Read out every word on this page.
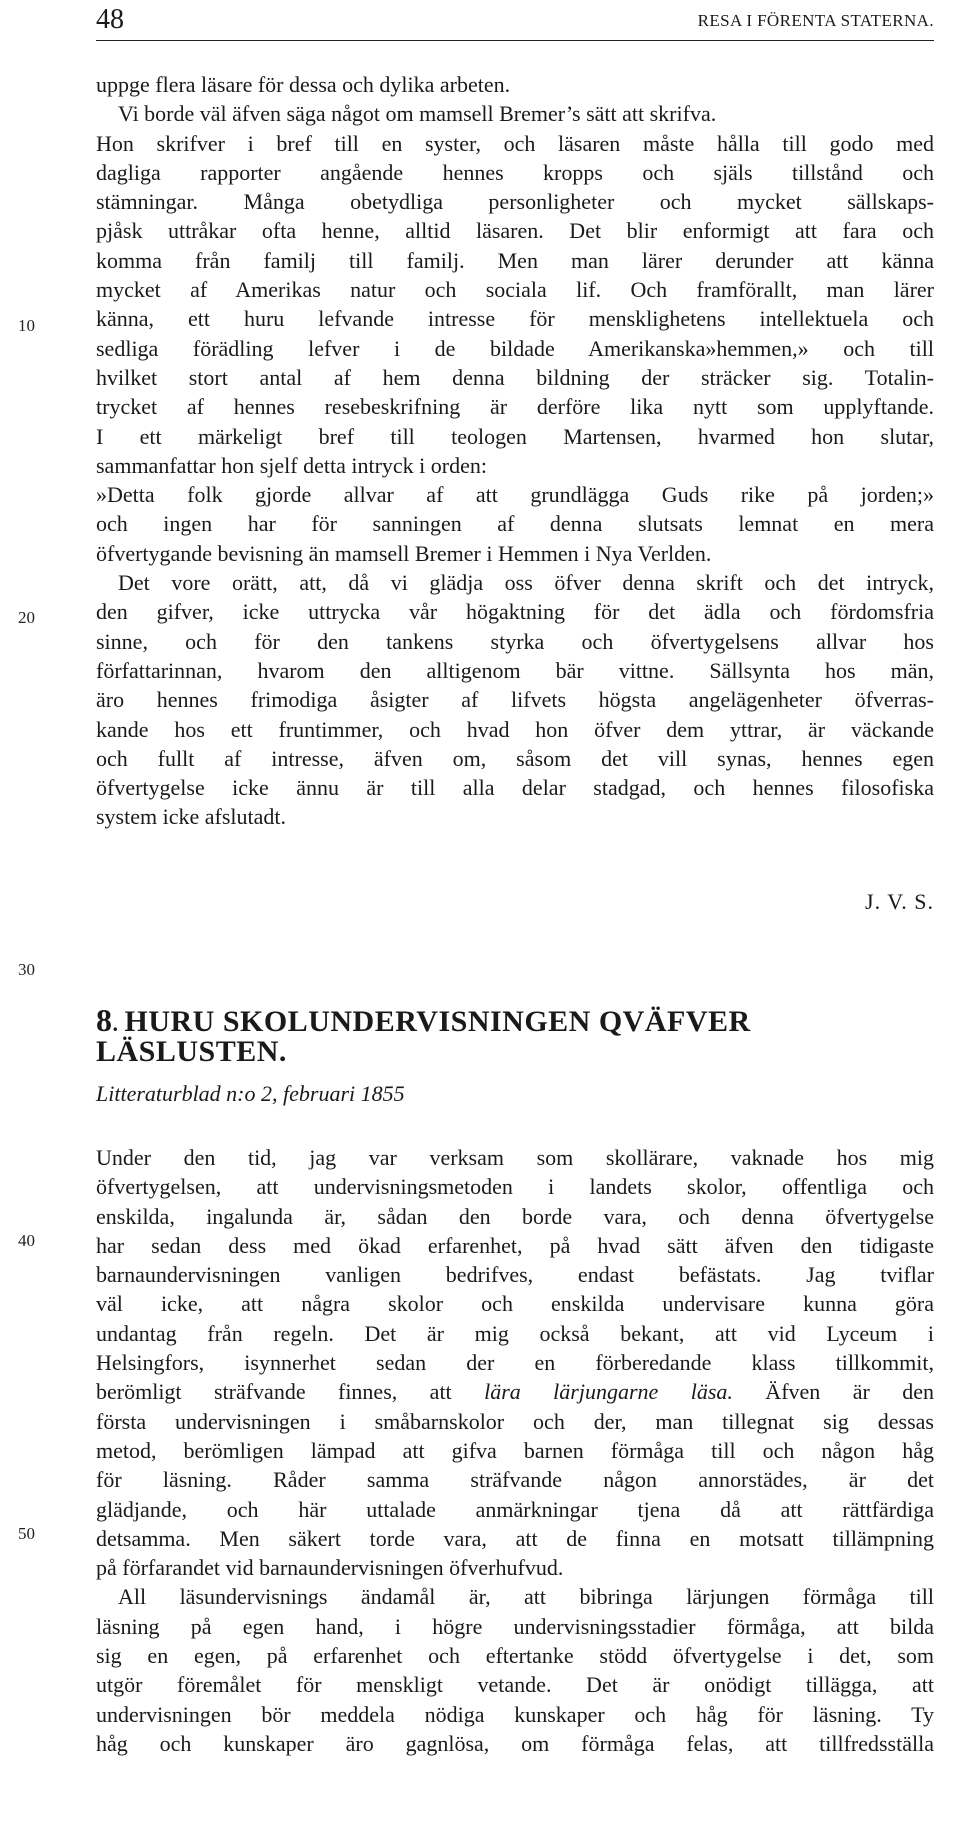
48	RESA I FÖRENTA STATERNA.
10
20
30
40
50
uppge flera läsare för dessa och dylika arbeten.
Vi borde väl äfven säga något om mamsell Bremer’s sätt att skrifva.
Hon skrifver i bref till en syster, och läsaren måste hålla till godo med
dagliga rapporter angående hennes kropps och själs tillstånd och
stämningar. Många obetydliga personligheter och mycket sällskaps-
pjåsk uttråkar ofta henne, alltid läsaren. Det blir enformigt att fara och
komma från familj till familj. Men man lärer derunder att känna
mycket af Amerikas natur och sociala lif. Och framförallt, man lärer
känna, ett huru lefvande intresse för mensklighetens intellektuela och
sedliga förädling lefver i de bildade Amerikanska»hemmen,» och till
hvilket stort antal af hem denna bildning der sträcker sig. Totalin-
trycket af hennes resebeskrifning är derföre lika nytt som upplyftande.
I ett märkeligt bref till teologen Martensen, hvarmed hon slutar,
sammanfattar hon sjelf detta intryck i orden:
»Detta folk gjorde allvar af att grundlägga Guds rike på jorden;»
och ingen har för sanningen af denna slutsats lemnat en mera
öfvertygande bevisning än mamsell Bremer i Hemmen i Nya Verlden.
Det vore orätt, att, då vi glädja oss öfver denna skrift och det intryck,
den gifver, icke uttrycka vår högaktning för det ädla och fördomsfria
sinne, och för den tankens styrka och öfvertygelsens allvar hos
författarinnan, hvarom den alltigenom bär vittne. Sällsynta hos män,
äro hennes frimodiga åsigter af lifvets högsta angelägenheter öfverras-
kande hos ett fruntimmer, och hvad hon öfver dem yttrar, är väckande
och fullt af intresse, äfven om, såsom det vill synas, hennes egen
öfvertygelse icke ännu är till alla delar stadgad, och hennes filosofiska
system icke afslutadt.
J. V. S.
8. HURU SKOLUNDERVISNINGEN QVÄFVER
LÄSLUSTEN.
Litteraturblad n:o 2, februari 1855
Under den tid, jag var verksam som skollärare, vaknade hos mig
öfvertygelsen, att undervisningsmetoden i landets skolor, offentliga och
enskilda, ingalunda är, sådan den borde vara, och denna öfvertygelse
har sedan dess med ökad erfarenhet, på hvad sätt äfven den tidigaste
barnaundervisningen vanligen bedrifves, endast befästats. Jag tviflar
väl icke, att några skolor och enskilda undervisare kunna göra
undantag från regeln. Det är mig också bekant, att vid Lyceum i
Helsingfors, isynnerhet sedan der en förberedande klass tillkommit,
berömligt sträfvande finnes, att lära lärjungarne läsa. Äfven är den
första undervisningen i småbarnskolor och der, man tillegnat sig dessas
metod, berömligen lämpad att gifva barnen förmåga till och någon håg
för läsning. Råder samma sträfvande någon annorstädes, är det
glädjande, och här uttalade anmärkningar tjena då att rättfärdiga
detsamma. Men säkert torde vara, att de finna en motsatt tillämpning
på förfarandet vid barnaundervisningen öfverhufvud.
All läsundervisnings ändamål är, att bibringa lärjungen förmåga till
läsning på egen hand, i högre undervisningsstadier förmåga, att bilda
sig en egen, på erfarenhet och eftertanke stödd öfvertygelse i det, som
utgör föremålet för menskligt vetande. Det är onödigt tillägga, att
undervisningen bör meddela nödiga kunskaper och håg för läsning. Ty
håg och kunskaper äro gagnlösa, om förmåga felas, att tillfredsställa
